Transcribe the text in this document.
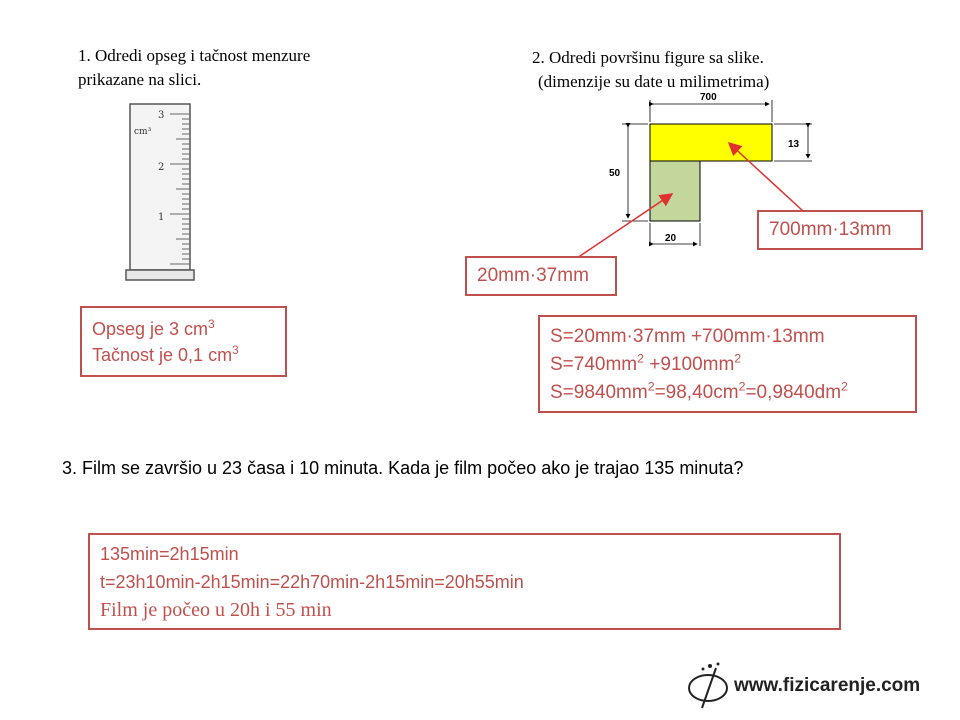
1. Odredi opseg i tačnost menzure
prikazane na slici.
cm³
3
2
1
Opseg je 3 $cm^3$
Tačnost je 0,1 $cm^3$
2. Odredi površinu figure sa slike.
(dimenzije su date u milimetrima)
700
13
50
20	700mm·13mm
20mm·37mm
S=20mm·37mm +700mm·13mm
$S=740mm^2 +9100mm^2$
$S=9840mm^2=98,40cm^2=0,9840dm^2$
3. Film se završio u 23 časa i 10 minuta. Kada je film počeo ako je trajao 135 minuta?
135min=2h15min
t=23h10min-2h15min=22h70min-2h15min=20h55min
Film je počeo u 20h i 55 min
www.fizicarenje.com
